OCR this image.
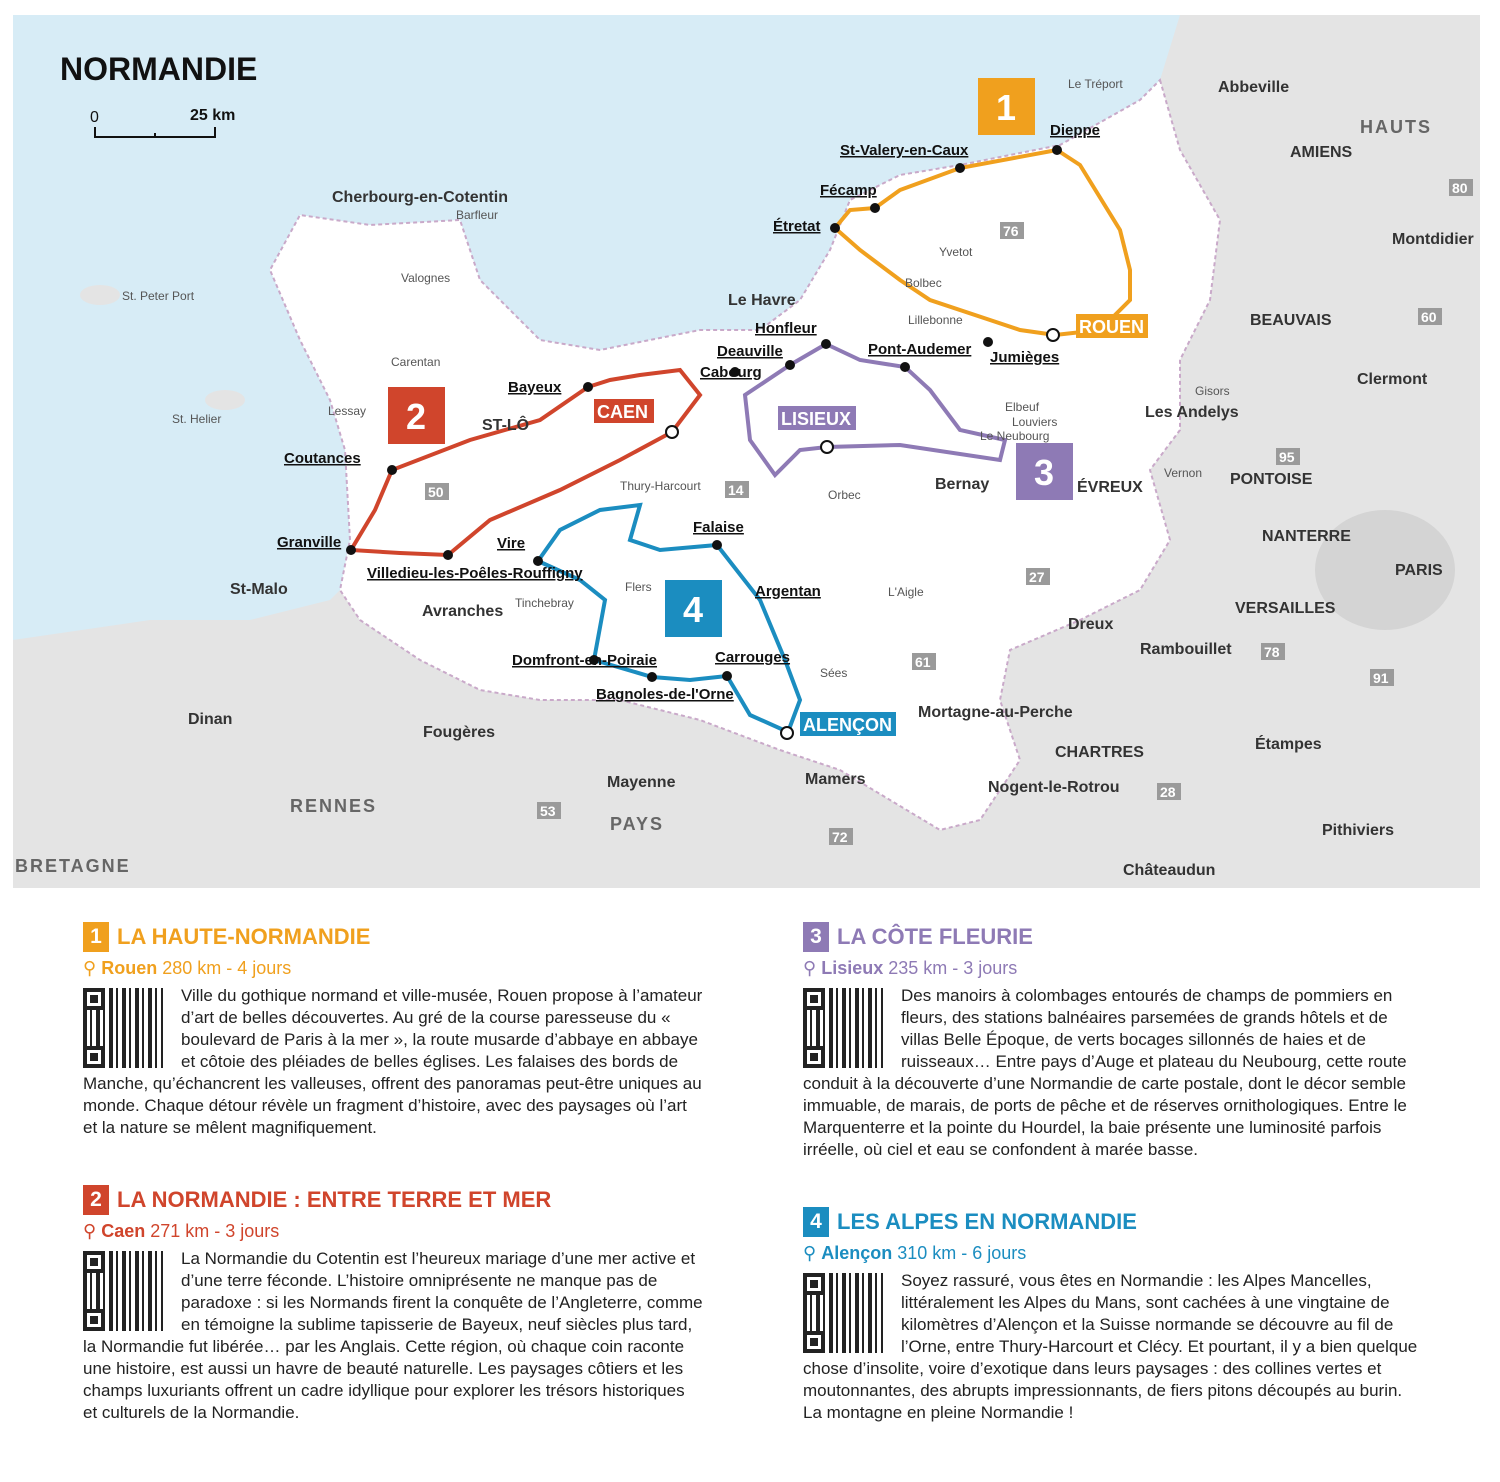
NORMANDIE
0	25 km	1
ROUEN
2	CAEN
3
LISIEUX
4
ALENÇON
Dieppe
St-Valery-en-Caux
Fécamp
Étretat
Honfleur
Pont-Audemer Jumièges
Deauville
Cabourg
Bayeux
Coutances
Granville
Villedieu-les-Poêles-Rouffigny
Vire
Falaise
Argentan
Domfront-en-Poiraie
Bagnoles-de-l'Orne
Carrouges
Cherbourg-en-Cotentin
Le Havre
ST-LÔ
Avranches
Bernay	ÉVREUX
Mayenne
RENNES
Dinan
Fougères
Mortagne-au-Perche
Mamers
Dreux
CHARTRES
Nogent-le-Rotrou
PARIS
VERSAILLES
NANTERRE
PONTOISE
BEAUVAIS
AMIENS
Abbeville
Montdidier
Clermont
Les Andelys
Rambouillet
Étampes
Pithiviers
Châteaudun
St-Malo
St. Peter Port
St. Helier
Barfleur
Valognes
Lessay
Carentan
Yvetot
Bolbec
Lillebonne
Le Tréport
Vernon
Flers	L'Aigle
Sées
Orbec
Thury-Harcourt
Tinchebray
Le Neubourg
Louviers
Elbeuf
Gisors
BRETAGNE
PAYS
HAUTS
76
50	14
61
27
60
95
78
91
28
72
53
80
1 LA HAUTE-NORMANDIE
⚲ Rouen 280 km - 4 jours
Ville du gothique normand et ville-musée, Rouen propose à l’amateur d’art de belles découvertes. Au gré de la course paresseuse du « boulevard de Paris à la mer », la route musarde d’abbaye en abbaye et côtoie des pléiades de belles églises. Les falaises des bords de Manche, qu’échancrent les valleuses, offrent des panoramas peut-être uniques au monde. Chaque détour révèle un fragment d’histoire, avec des paysages où l’art et la nature se mêlent magnifiquement.
2 LA NORMANDIE : ENTRE TERRE ET MER
⚲ Caen 271 km - 3 jours
La Normandie du Cotentin est l’heureux mariage d’une mer active et d’une terre féconde. L’histoire omniprésente ne manque pas de paradoxe : si les Normands firent la conquête de l’Angleterre, comme en témoigne la sublime tapisserie de Bayeux, neuf siècles plus tard, la Normandie fut libérée… par les Anglais. Cette région, où chaque coin raconte une histoire, est aussi un havre de beauté naturelle. Les paysages côtiers et les champs luxuriants offrent un cadre idyllique pour explorer les trésors historiques et culturels de la Normandie.
3 LA CÔTE FLEURIE
⚲ Lisieux 235 km - 3 jours
Des manoirs à colombages entourés de champs de pommiers en fleurs, des stations balnéaires parsemées de grands hôtels et de villas Belle Époque, de verts bocages sillonnés de haies et de ruisseaux… Entre pays d’Auge et plateau du Neubourg, cette route conduit à la découverte d’une Normandie de carte postale, dont le décor semble immuable, de marais, de ports de pêche et de réserves ornithologiques. Entre le Marquenterre et la pointe du Hourdel, la baie présente une luminosité parfois irréelle, où ciel et eau se confondent à marée basse.
4 LES ALPES EN NORMANDIE
⚲ Alençon 310 km - 6 jours
Soyez rassuré, vous êtes en Normandie : les Alpes Mancelles, littéralement les Alpes du Mans, sont cachées à une vingtaine de kilomètres d’Alençon et la Suisse normande se découvre au fil de l’Orne, entre Thury-Harcourt et Clécy. Et pourtant, il y a bien quelque chose d’insolite, voire d’exotique dans leurs paysages : des collines vertes et moutonnantes, des abrupts impressionnants, de fiers pitons découpés au burin. La montagne en pleine Normandie !
